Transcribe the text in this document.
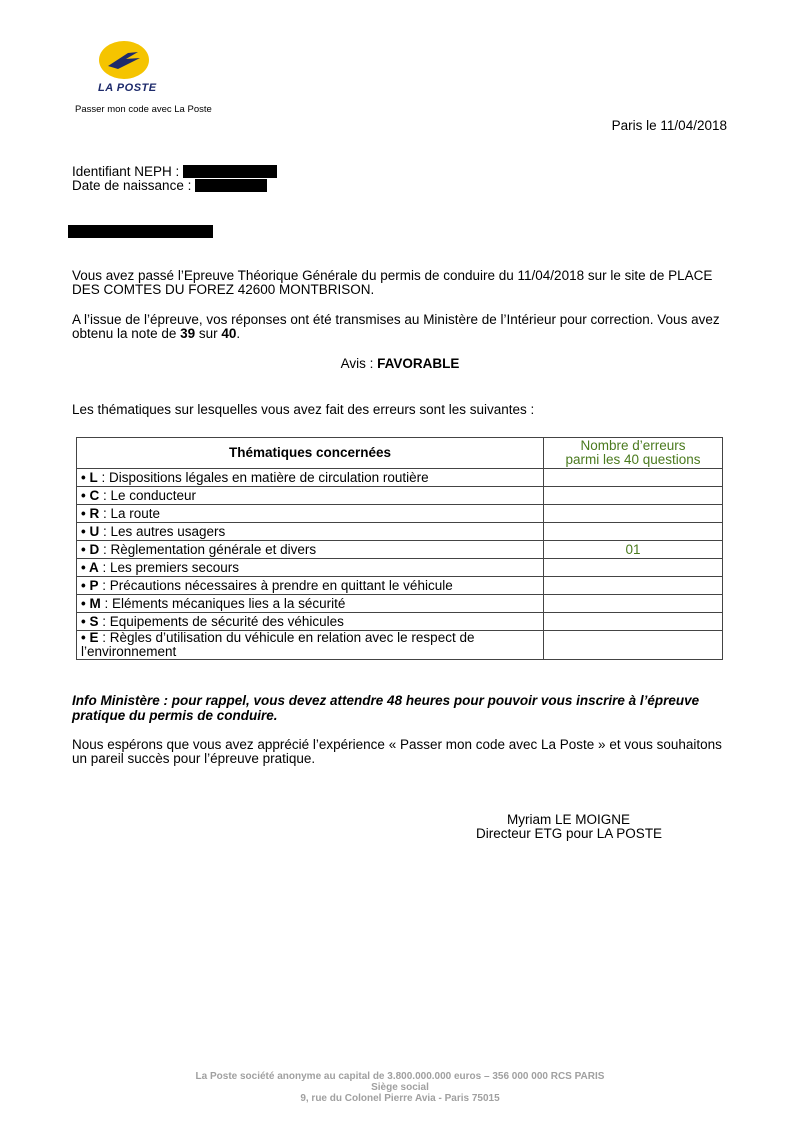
LA POSTE
Passer mon code avec La Poste
Paris le 11/04/2018
Identifiant NEPH :
Date de naissance :
Vous avez passé l’Epreuve Théorique Générale du permis de conduire du 11/04/2018 sur le site de PLACE DES COMTES DU FOREZ 42600 MONTBRISON.
A l’issue de l’épreuve, vos réponses ont été transmises au Ministère de l’Intérieur pour correction. Vous avez obtenu la note de 39 sur 40.
Avis : FAVORABLE
Les thématiques sur lesquelles vous avez fait des erreurs sont les suivantes :
Thématiques concernées	Nombre d’erreurs
parmi les 40 questions

• L : Dispositions légales en matière de circulation routière	
• C : Le conducteur	
• R : La route	
• U : Les autres usagers	
• D : Règlementation générale et divers	01
• A : Les premiers secours	
• P : Précautions nécessaires à prendre en quittant le véhicule	
• M : Eléments mécaniques lies a la sécurité	
• S : Equipements de sécurité des véhicules	
• E : Règles d’utilisation du véhicule en relation avec le respect de l’environnement	
Info Ministère : pour rappel, vous devez attendre 48 heures pour pouvoir vous inscrire à l’épreuve pratique du permis de conduire.
Nous espérons que vous avez apprécié l’expérience « Passer mon code avec La Poste » et vous souhaitons un pareil succès pour l’épreuve pratique.
Myriam LE MOIGNE
Directeur ETG pour LA POSTE
La Poste société anonyme au capital de 3.800.000.000 euros – 356 000 000 RCS PARIS
Siège social
9, rue du Colonel Pierre Avia - Paris 75015
